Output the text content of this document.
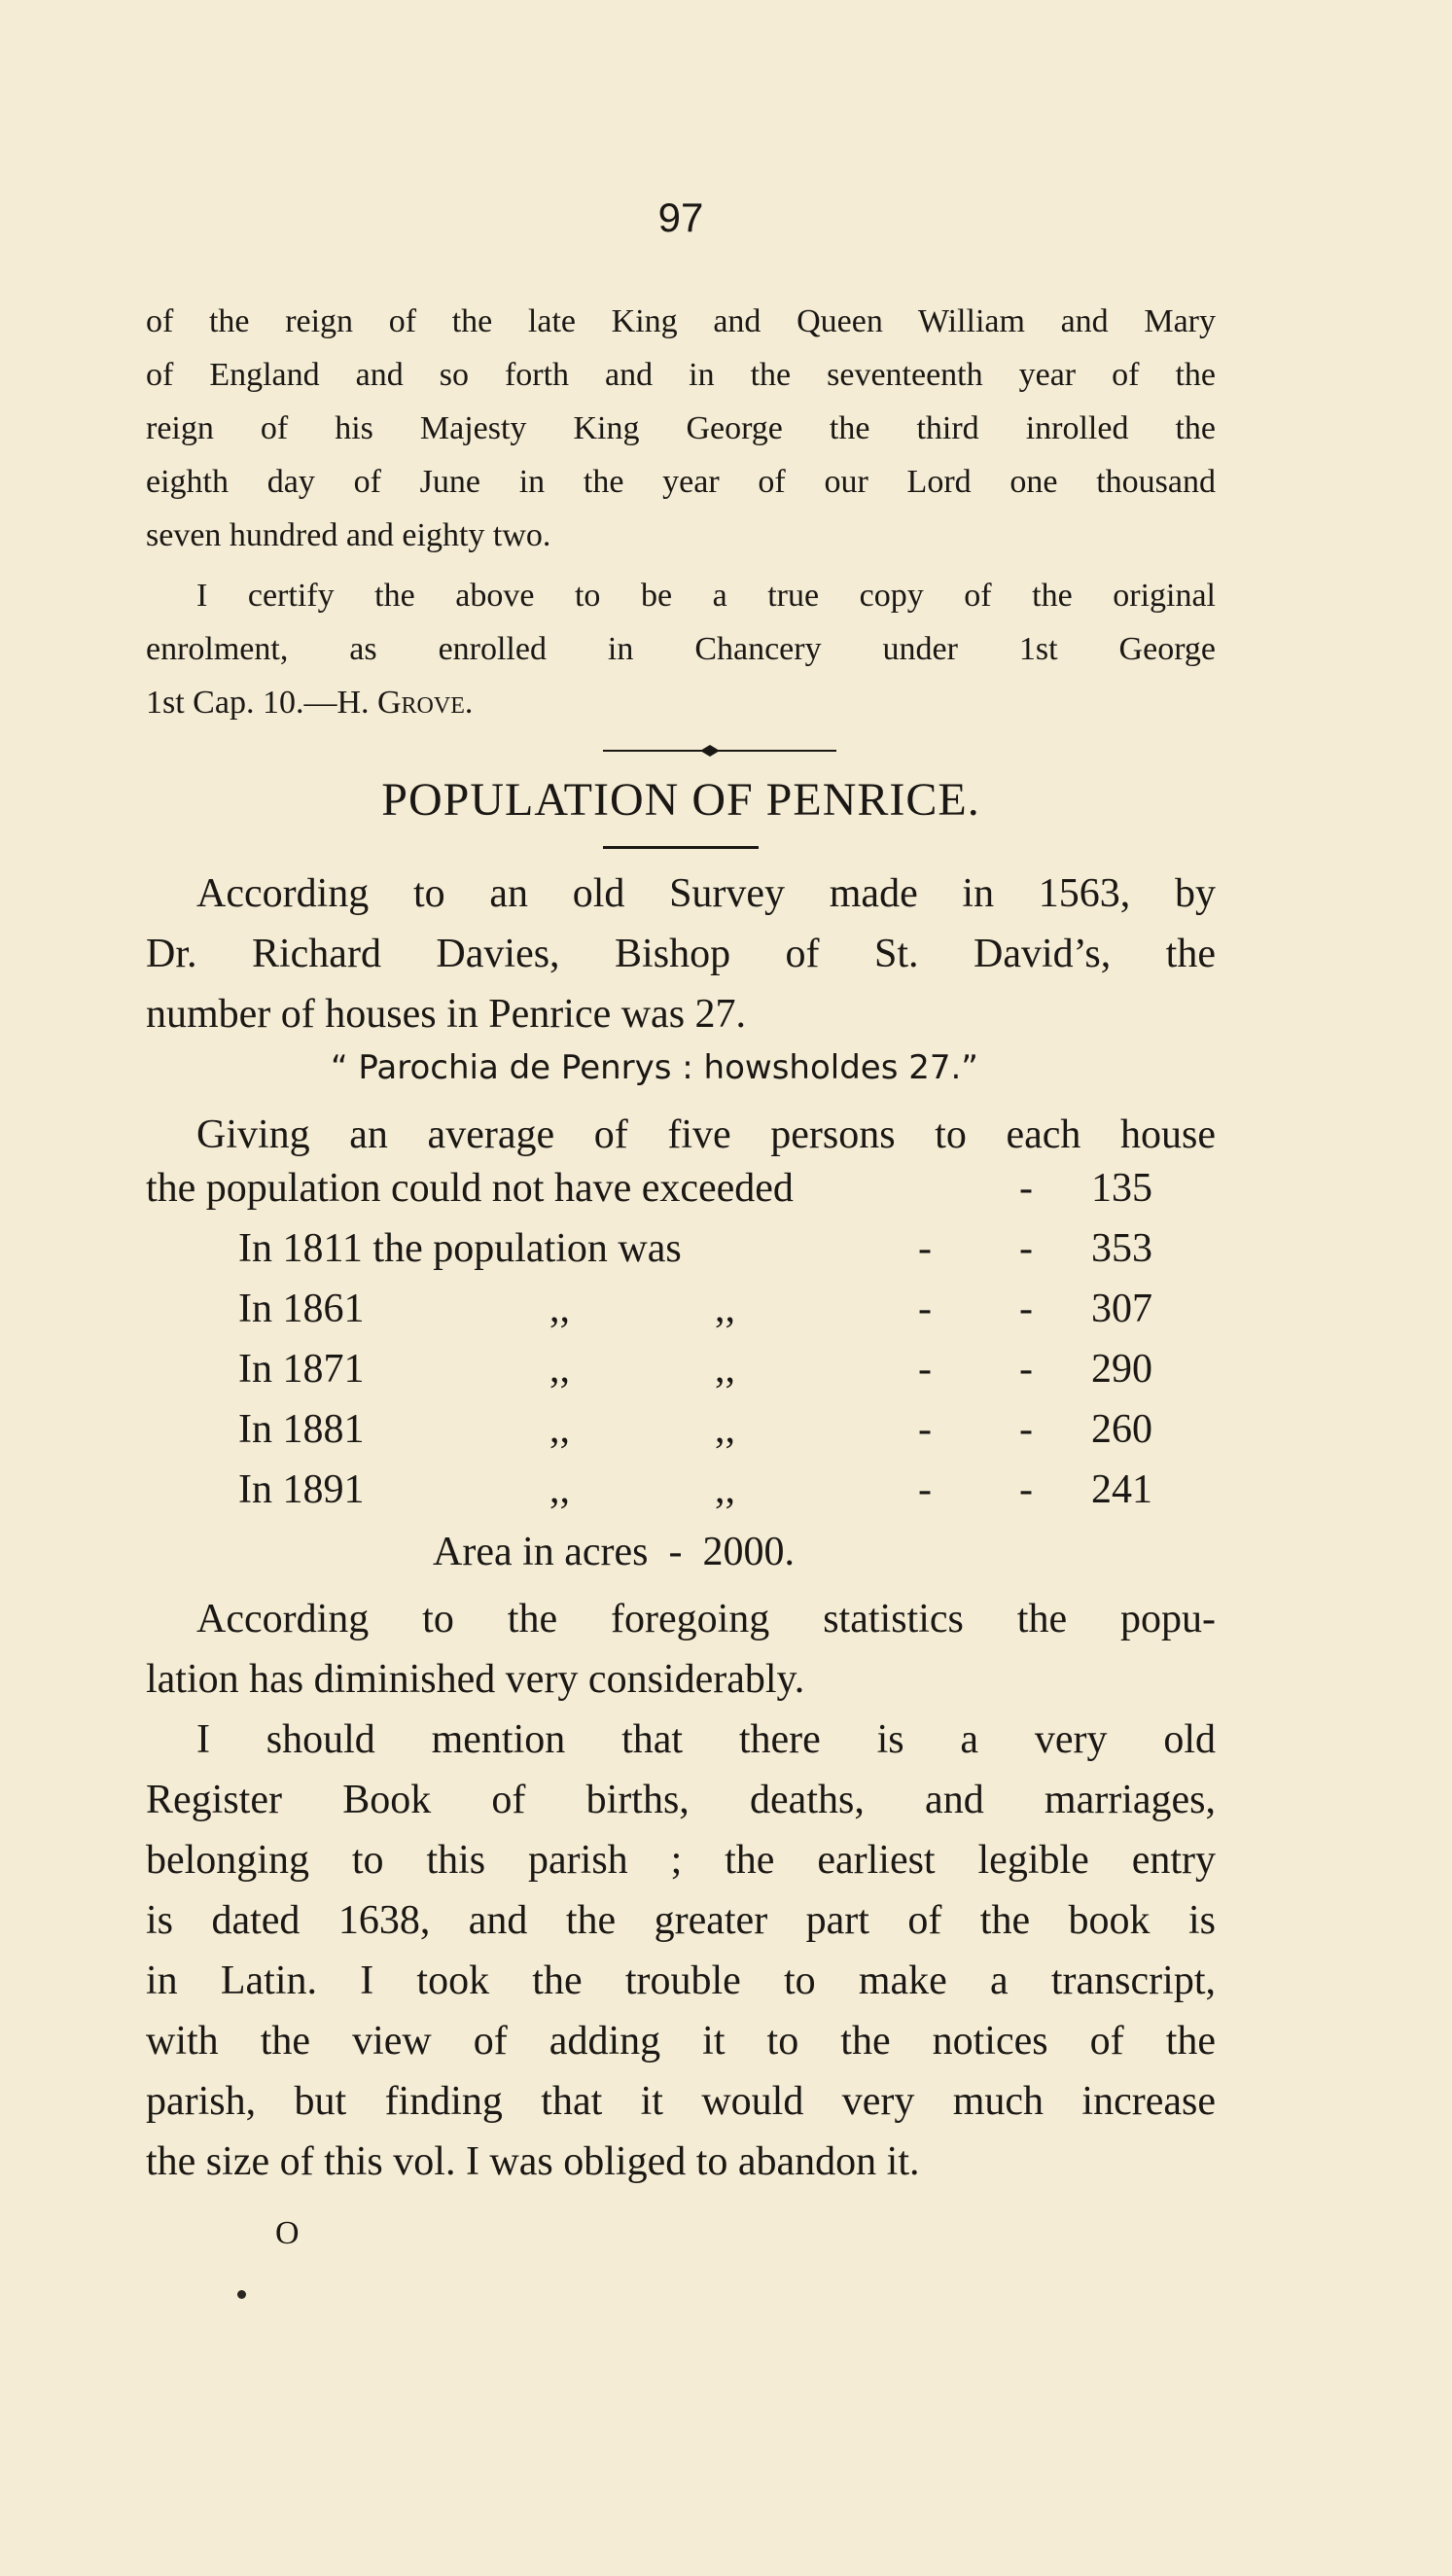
97
of the reign of the late King and Queen William and Mary
of England and so forth and in the seventeenth year of the
reign of his Majesty King George the third inrolled the
eighth day of June in the year of our Lord one thousand
seven hundred and eighty two.
I certify the above to be a true copy of the original
enrolment, as enrolled in Chancery under 1st George
1st Cap. 10.—H. Grove.
POPULATION OF PENRICE.
According to an old Survey made in 1563, by
Dr. Richard Davies, Bishop of St. David’s, the
number of houses in Penrice was 27.
“ Parochia de Penrys : howsholdes 27.”
Giving an average of five persons to each house
the population could not have exceeded	- 135
In 1811 the population was	- - 353
In 1861	,,	,,	- - 307
In 1871	,,	,,	- - 290
In 1881	,,	,,	- - 260
In 1891	,,	,,	- - 241
Area in acres  -  2000.
According to the foregoing statistics the popu-
lation has diminished very considerably.
I should mention that there is a very old
Register Book of births, deaths, and marriages,
belonging to this parish ; the earliest legible entry
is dated 1638, and the greater part of the book is
in Latin. I took the trouble to make a transcript,
with the view of adding it to the notices of the
parish, but finding that it would very much increase
the size of this vol. I was obliged to abandon it.
O
